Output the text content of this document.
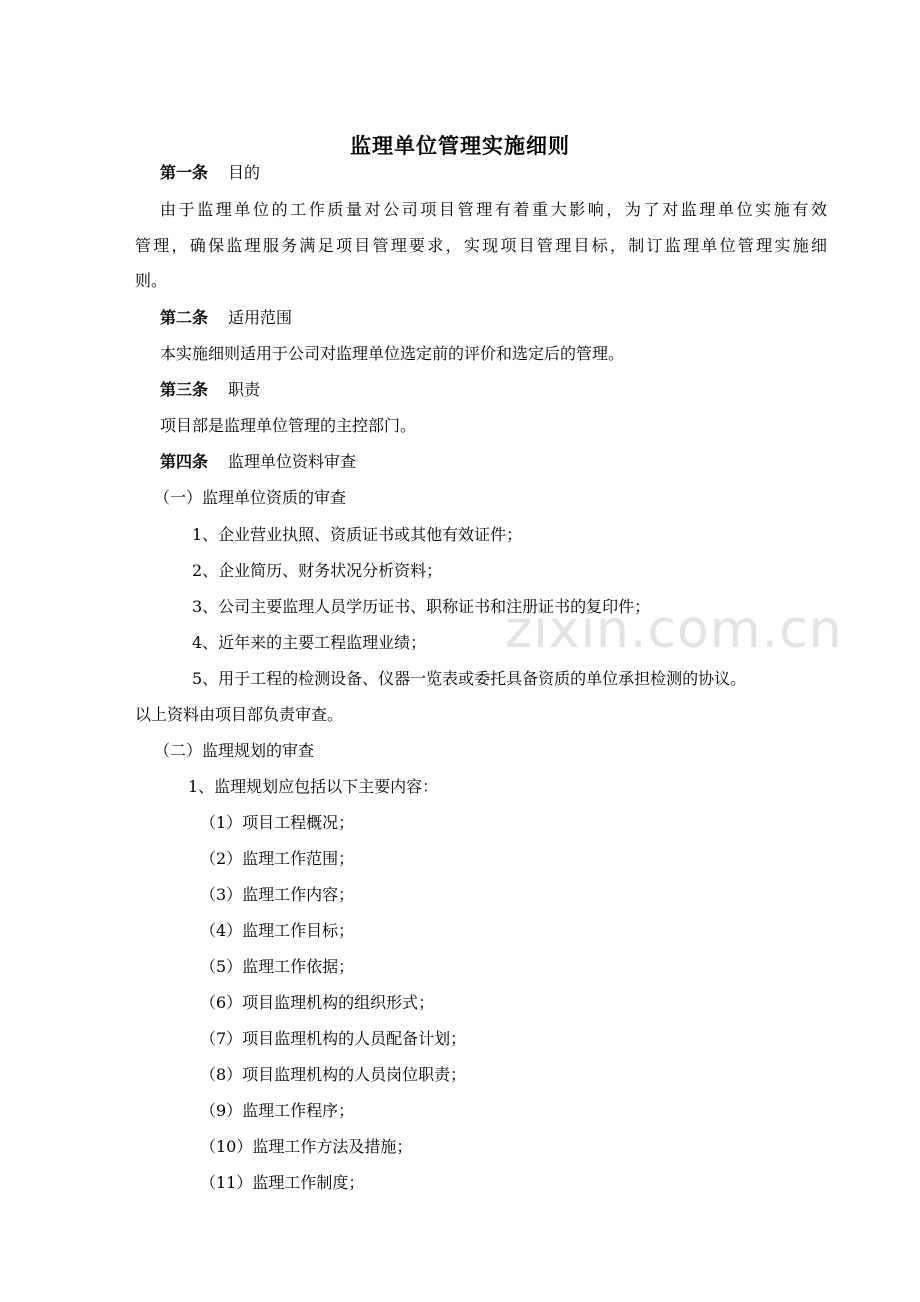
zixin.com.cn
监理单位管理实施细则
第一条 目的
由于监理单位的工作质量对公司项目管理有着重大影响，为了对监理单位实施有效
管理，确保监理服务满足项目管理要求，实现项目管理目标，制订监理单位管理实施细
则。
第二条 适用范围
本实施细则适用于公司对监理单位选定前的评价和选定后的管理。
第三条 职责
项目部是监理单位管理的主控部门。
第四条 监理单位资料审查
（一）监理单位资质的审查
1、企业营业执照、资质证书或其他有效证件；
2、企业简历、财务状况分析资料；
3、公司主要监理人员学历证书、职称证书和注册证书的复印件；
4、近年来的主要工程监理业绩；
5、用于工程的检测设备、仪器一览表或委托具备资质的单位承担检测的协议。
以上资料由项目部负责审查。
（二）监理规划的审查
1、监理规划应包括以下主要内容：
（1）项目工程概况；
（2）监理工作范围；
（3）监理工作内容；
（4）监理工作目标；
（5）监理工作依据；
（6）项目监理机构的组织形式；
（7）项目监理机构的人员配备计划；
（8）项目监理机构的人员岗位职责；
（9）监理工作程序；
（10）监理工作方法及措施；
（11）监理工作制度；
